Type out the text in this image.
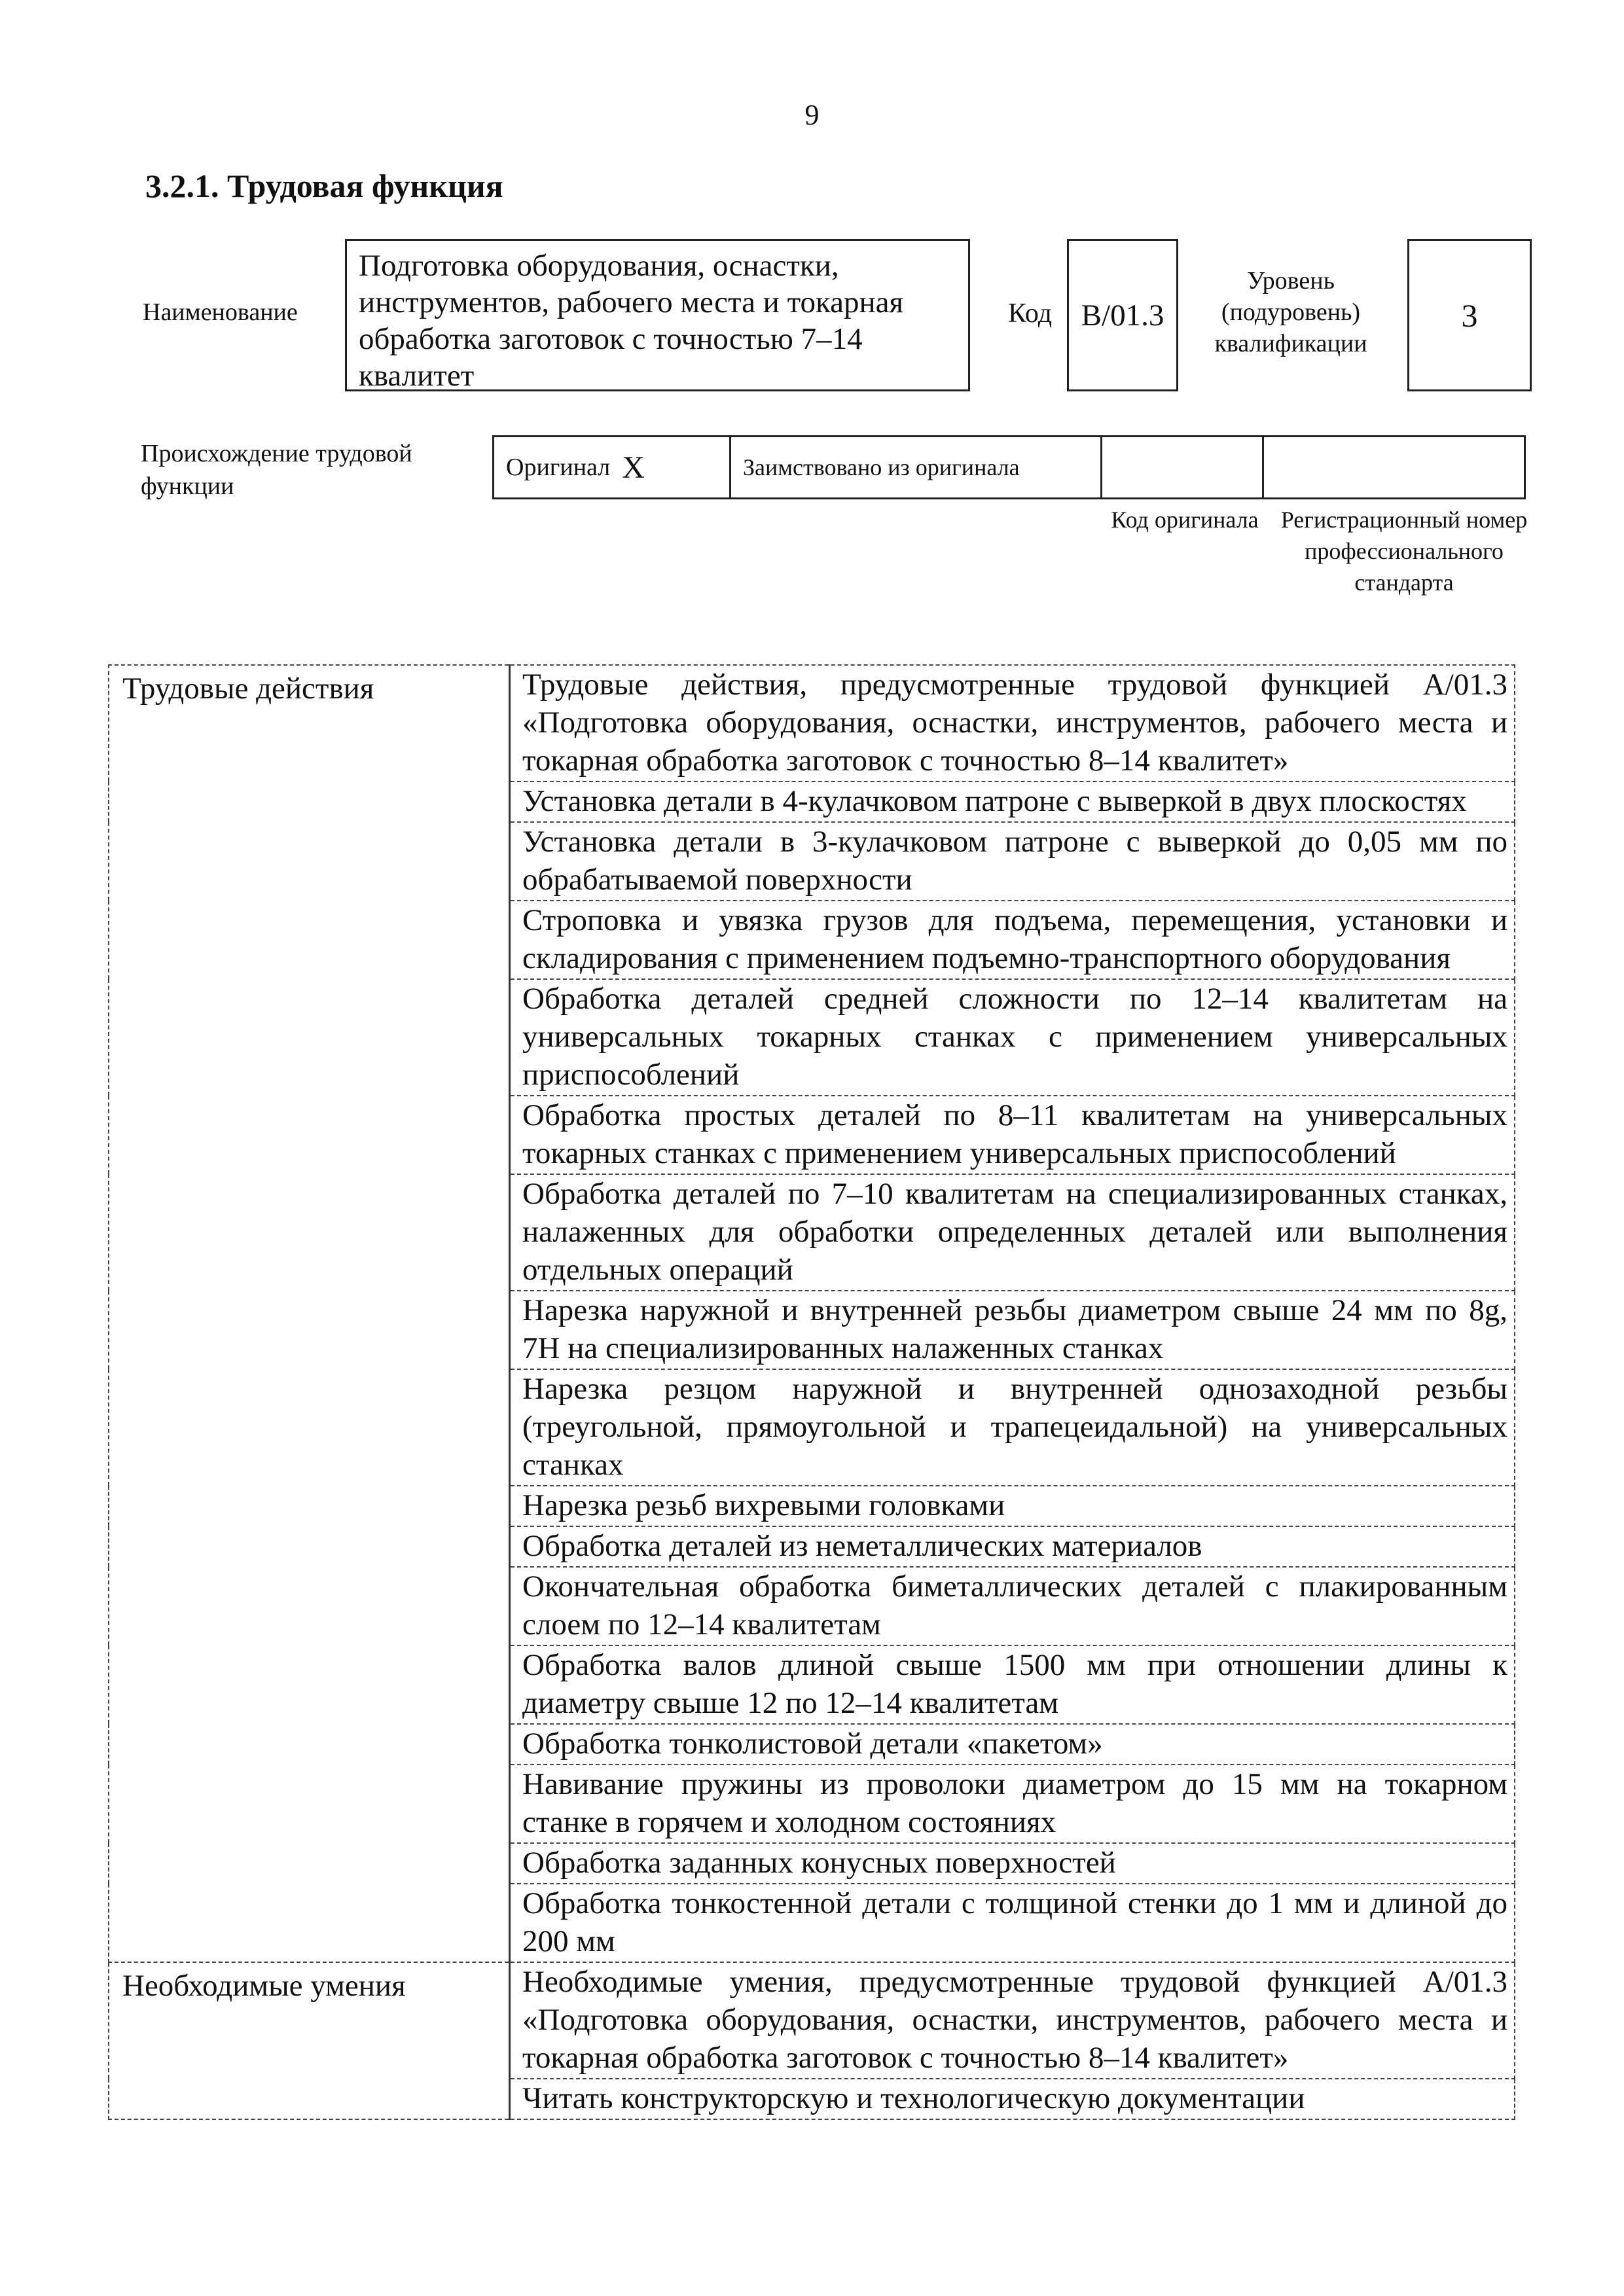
9
3.2.1. Трудовая функция
Наименование
Подготовка оборудования, оснастки, инструментов, рабочего места и токарная обработка заготовок с точностью 7–14 квалитет
Код B/01.3
Уровень (подуровень) квалификации
3
Происхождение трудовой функции
Оригинал X	Заимствовано из оригинала
Код оригинала Регистрационный номер профессионального стандарта
Трудовые действия	Трудовые действия, предусмотренные трудовой функцией A/01.3 «Подготовка оборудования, оснастки, инструментов, рабочего места и токарная обработка заготовок с точностью 8–14 квалитет»
	Установка детали в 4-кулачковом патроне с выверкой в двух плоскостях
	Установка детали в 3-кулачковом патроне с выверкой до 0,05 мм по обрабатываемой поверхности
	Строповка и увязка грузов для подъема, перемещения, установки и складирования с применением подъемно-транспортного оборудования
	Обработка деталей средней сложности по 12–14 квалитетам на универсальных токарных станках с применением универсальных приспособлений
	Обработка простых деталей по 8–11 квалитетам на универсальных токарных станках с применением универсальных приспособлений
	Обработка деталей по 7–10 квалитетам на специализированных станках, налаженных для обработки определенных деталей или выполнения отдельных операций
	Нарезка наружной и внутренней резьбы диаметром свыше 24 мм по 8g, 7H на специализированных налаженных станках
	Нарезка резцом наружной и внутренней однозаходной резьбы (треугольной, прямоугольной и трапецеидальной) на универсальных станках
	Нарезка резьб вихревыми головками
	Обработка деталей из неметаллических материалов
	Окончательная обработка биметаллических деталей с плакированным слоем по 12–14 квалитетам
	Обработка валов длиной свыше 1500 мм при отношении длины к диаметру свыше 12 по 12–14 квалитетам
	Обработка тонколистовой детали «пакетом»
	Навивание пружины из проволоки диаметром до 15 мм на токарном станке в горячем и холодном состояниях
	Обработка заданных конусных поверхностей
	Обработка тонкостенной детали с толщиной стенки до 1 мм и длиной до 200 мм
Необходимые умения	Необходимые умения, предусмотренные трудовой функцией A/01.3 «Подготовка оборудования, оснастки, инструментов, рабочего места и токарная обработка заготовок с точностью 8–14 квалитет»
	Читать конструкторскую и технологическую документации
